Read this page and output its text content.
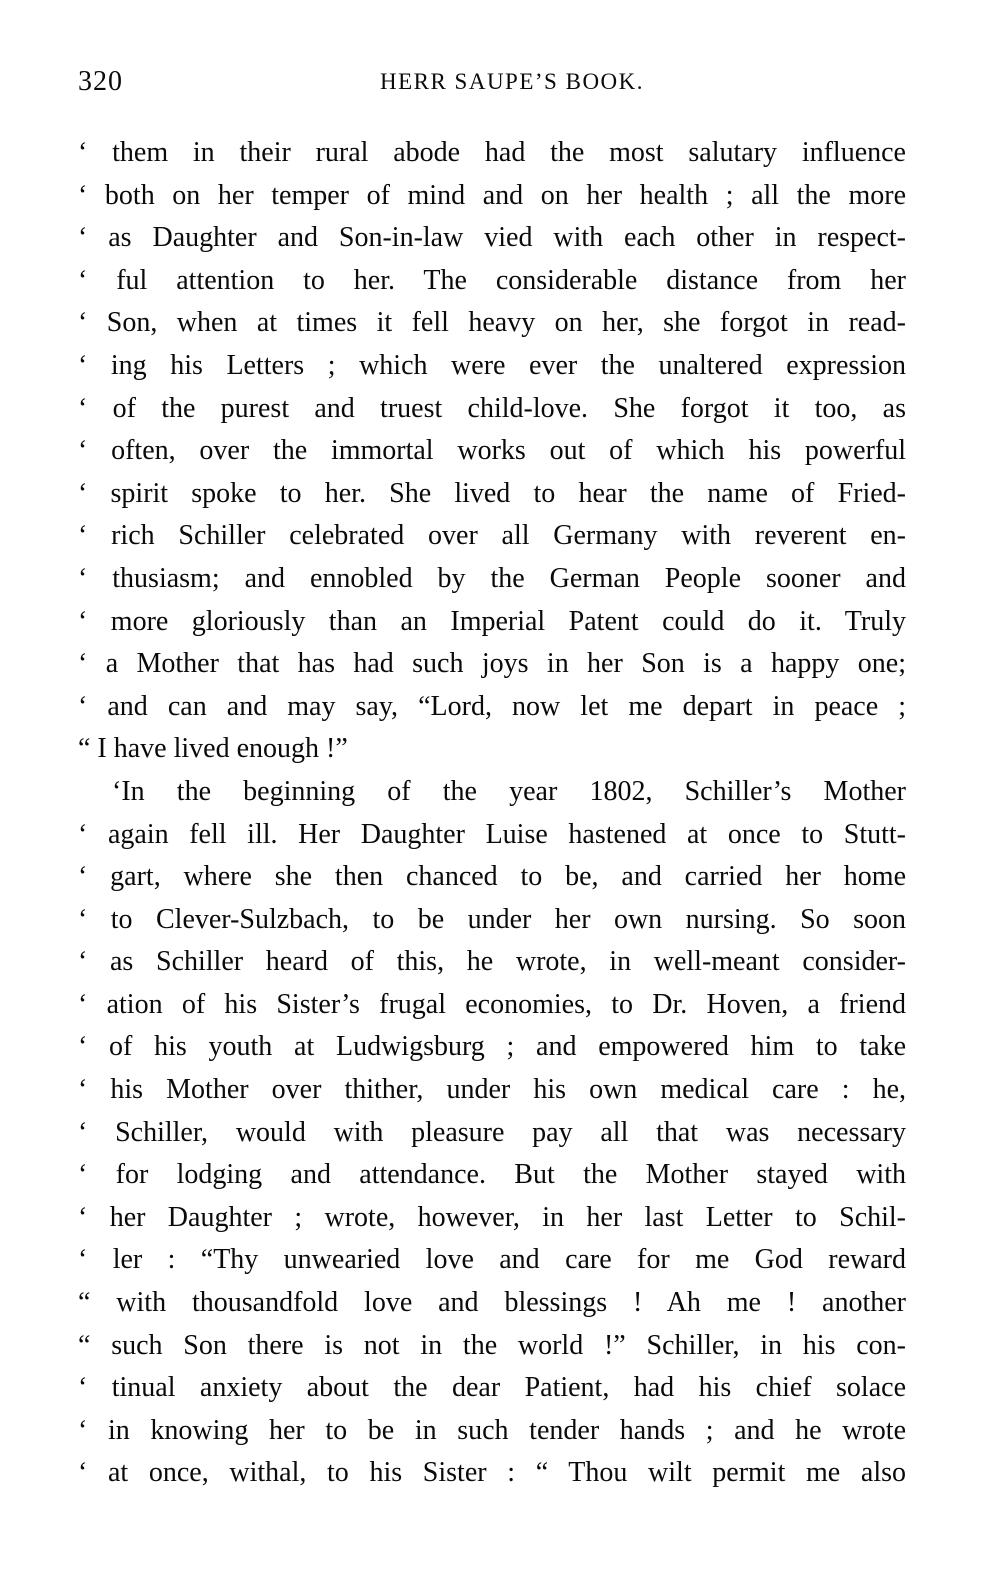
320	HERR SAUPE’S BOOK.
‘ them in their rural abode had the most salutary influence
‘ both on her temper of mind and on her health ; all the more
‘ as Daughter and Son-in-law vied with each other in respect-
‘ ful attention to her. The considerable distance from her
‘ Son, when at times it fell heavy on her, she forgot in read-
‘ ing his Letters ; which were ever the unaltered expression
‘ of the purest and truest child-love. She forgot it too, as
‘ often, over the immortal works out of which his powerful
‘ spirit spoke to her. She lived to hear the name of Fried-
‘ rich Schiller celebrated over all Germany with reverent en-
‘ thusiasm; and ennobled by the German People sooner and
‘ more gloriously than an Imperial Patent could do it. Truly
‘ a Mother that has had such joys in her Son is a happy one;
‘ and can and may say, “Lord, now let me depart in peace ;
“ I have lived enough !”
‘In the beginning of the year 1802, Schiller’s Mother
‘ again fell ill. Her Daughter Luise hastened at once to Stutt-
‘ gart, where she then chanced to be, and carried her home
‘ to Clever-Sulzbach, to be under her own nursing. So soon
‘ as Schiller heard of this, he wrote, in well-meant consider-
‘ ation of his Sister’s frugal economies, to Dr. Hoven, a friend
‘ of his youth at Ludwigsburg ; and empowered him to take
‘ his Mother over thither, under his own medical care : he,
‘ Schiller, would with pleasure pay all that was necessary
‘ for lodging and attendance. But the Mother stayed with
‘ her Daughter ; wrote, however, in her last Letter to Schil-
‘ ler : “Thy unwearied love and care for me God reward
“ with thousandfold love and blessings ! Ah me ! another
“ such Son there is not in the world !” Schiller, in his con-
‘ tinual anxiety about the dear Patient, had his chief solace
‘ in knowing her to be in such tender hands ; and he wrote
‘ at once, withal, to his Sister : “ Thou wilt permit me also
